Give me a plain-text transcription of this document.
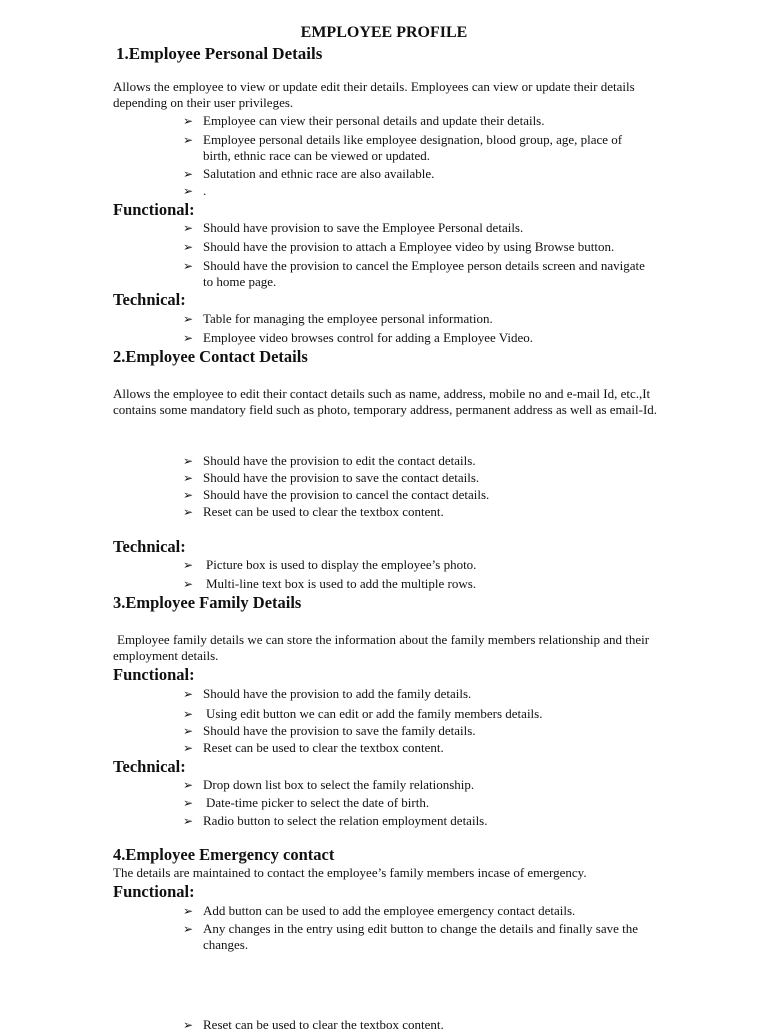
EMPLOYEE PROFILE
1.Employee Personal Details

Allows the employee to view or update edit their details. Employees can view or update their details depending on their user privileges.

➢ Employee can view their personal details and update their details.
➢ Employee personal details like employee designation, blood group, age, place of birth, ethnic race can be viewed or updated.
➢ Salutation and ethnic race are also available.
➢ .
Functional:
➢ Should have provision to save the Employee Personal details.
➢ Should have the provision to attach a Employee video by using Browse button.
➢ Should have the provision to cancel the Employee person details screen and navigate to home page.
Technical:
➢ Table for managing the employee personal information.
➢ Employee video browses control for adding a Employee Video.
2.Employee Contact Details

Allows the employee to edit their contact details such as name, address, mobile no and e-mail Id, etc.,It contains some mandatory field such as photo, temporary address, permanent address as well as email-Id.

➢ Should have the provision to edit the contact details.
➢ Should have the provision to save the contact details.
➢ Should have the provision to cancel the contact details.
➢ Reset can be used to clear the textbox content.
Technical:
➢ Picture box is used to display the employee’s photo.
➢ Multi-line text box is used to add the multiple rows.
3.Employee Family Details

Employee family details we can store the information about the family members relationship and their employment details.

Functional:
➢ Should have the provision to add the family details.
➢ Using edit button we can edit or add the family members details.
➢ Should have the provision to save the family details.
➢ Reset can be used to clear the textbox content.
Technical:
➢ Drop down list box to select the family relationship.
➢ Date-time picker to select the date of birth.
➢ Radio button to select the relation employment details.
4.Employee Emergency contact

The details are maintained to contact the employee’s family members incase of emergency.

Functional:
➢ Add button can be used to add the employee emergency contact details.
➢ Any changes in the entry using edit button to change the details and finally save the changes.
➢ Reset can be used to clear the textbox content.
